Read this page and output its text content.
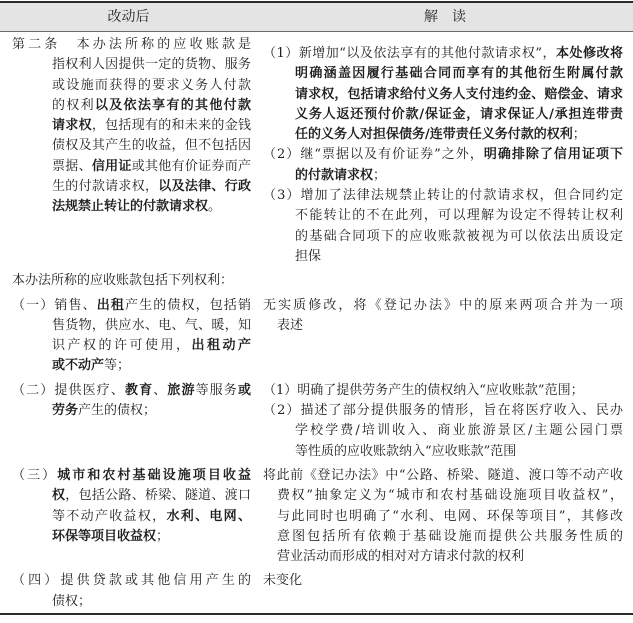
改动后	解　读
第二条　本办法所称的应收账款是
指权利人因提供一定的货物、服务
或设施而获得的要求义务人付款
的权利以及依法享有的其他付款
请求权，包括现有的和未来的金钱
债权及其产生的收益，但不包括因
票据、信用证或其他有价证券而产
生的付款请求权，以及法律、行政
法规禁止转让的付款请求权。
（1）新增加“以及依法享有的其他付款请求权”，本处修改将
明确涵盖因履行基础合同而享有的其他衍生附属付款
请求权，包括请求给付义务人支付违约金、赔偿金、请求
义务人返还预付价款/保证金，请求保证人/承担连带责
任的义务人对担保债务/连带责任义务付款的权利；
（2）继“票据以及有价证券”之外，明确排除了信用证项下
的付款请求权；
（3）增加了法律法规禁止转让的付款请求权，但合同约定
不能转让的不在此列，可以理解为设定不得转让权利
的基础合同项下的应收账款被视为可以依法出质设定
担保
本办法所称的应收账款包括下列权利：
（一）销售、出租产生的债权，包括销
售货物，供应水、电、气、暖，知
识产权的许可使用，出租动产
或不动产等；
无实质修改，将《登记办法》中的原来两项合并为一项
表述
（二）提供医疗、教育、旅游等服务或
劳务产生的债权；
（1）明确了提供劳务产生的债权纳入“应收账款”范围；
（2）描述了部分提供服务的情形，旨在将医疗收入、民办
学校学费/培训收入、商业旅游景区/主题公园门票
等性质的应收账款纳入“应收账款”范围
（三）城市和农村基础设施项目收益
权，包括公路、桥梁、隧道、渡口
等不动产收益权，水利、电网、
环保等项目收益权；
将此前《登记办法》中“公路、桥梁、隧道、渡口等不动产收
费权”抽象定义为“城市和农村基础设施项目收益权”，
与此同时也明确了“水利、电网、环保等项目”，其修改
意图包括所有依赖于基础设施而提供公共服务性质的
营业活动而形成的相对对方请求付款的权利
（四）提供贷款或其他信用产生的
债权；
未变化
